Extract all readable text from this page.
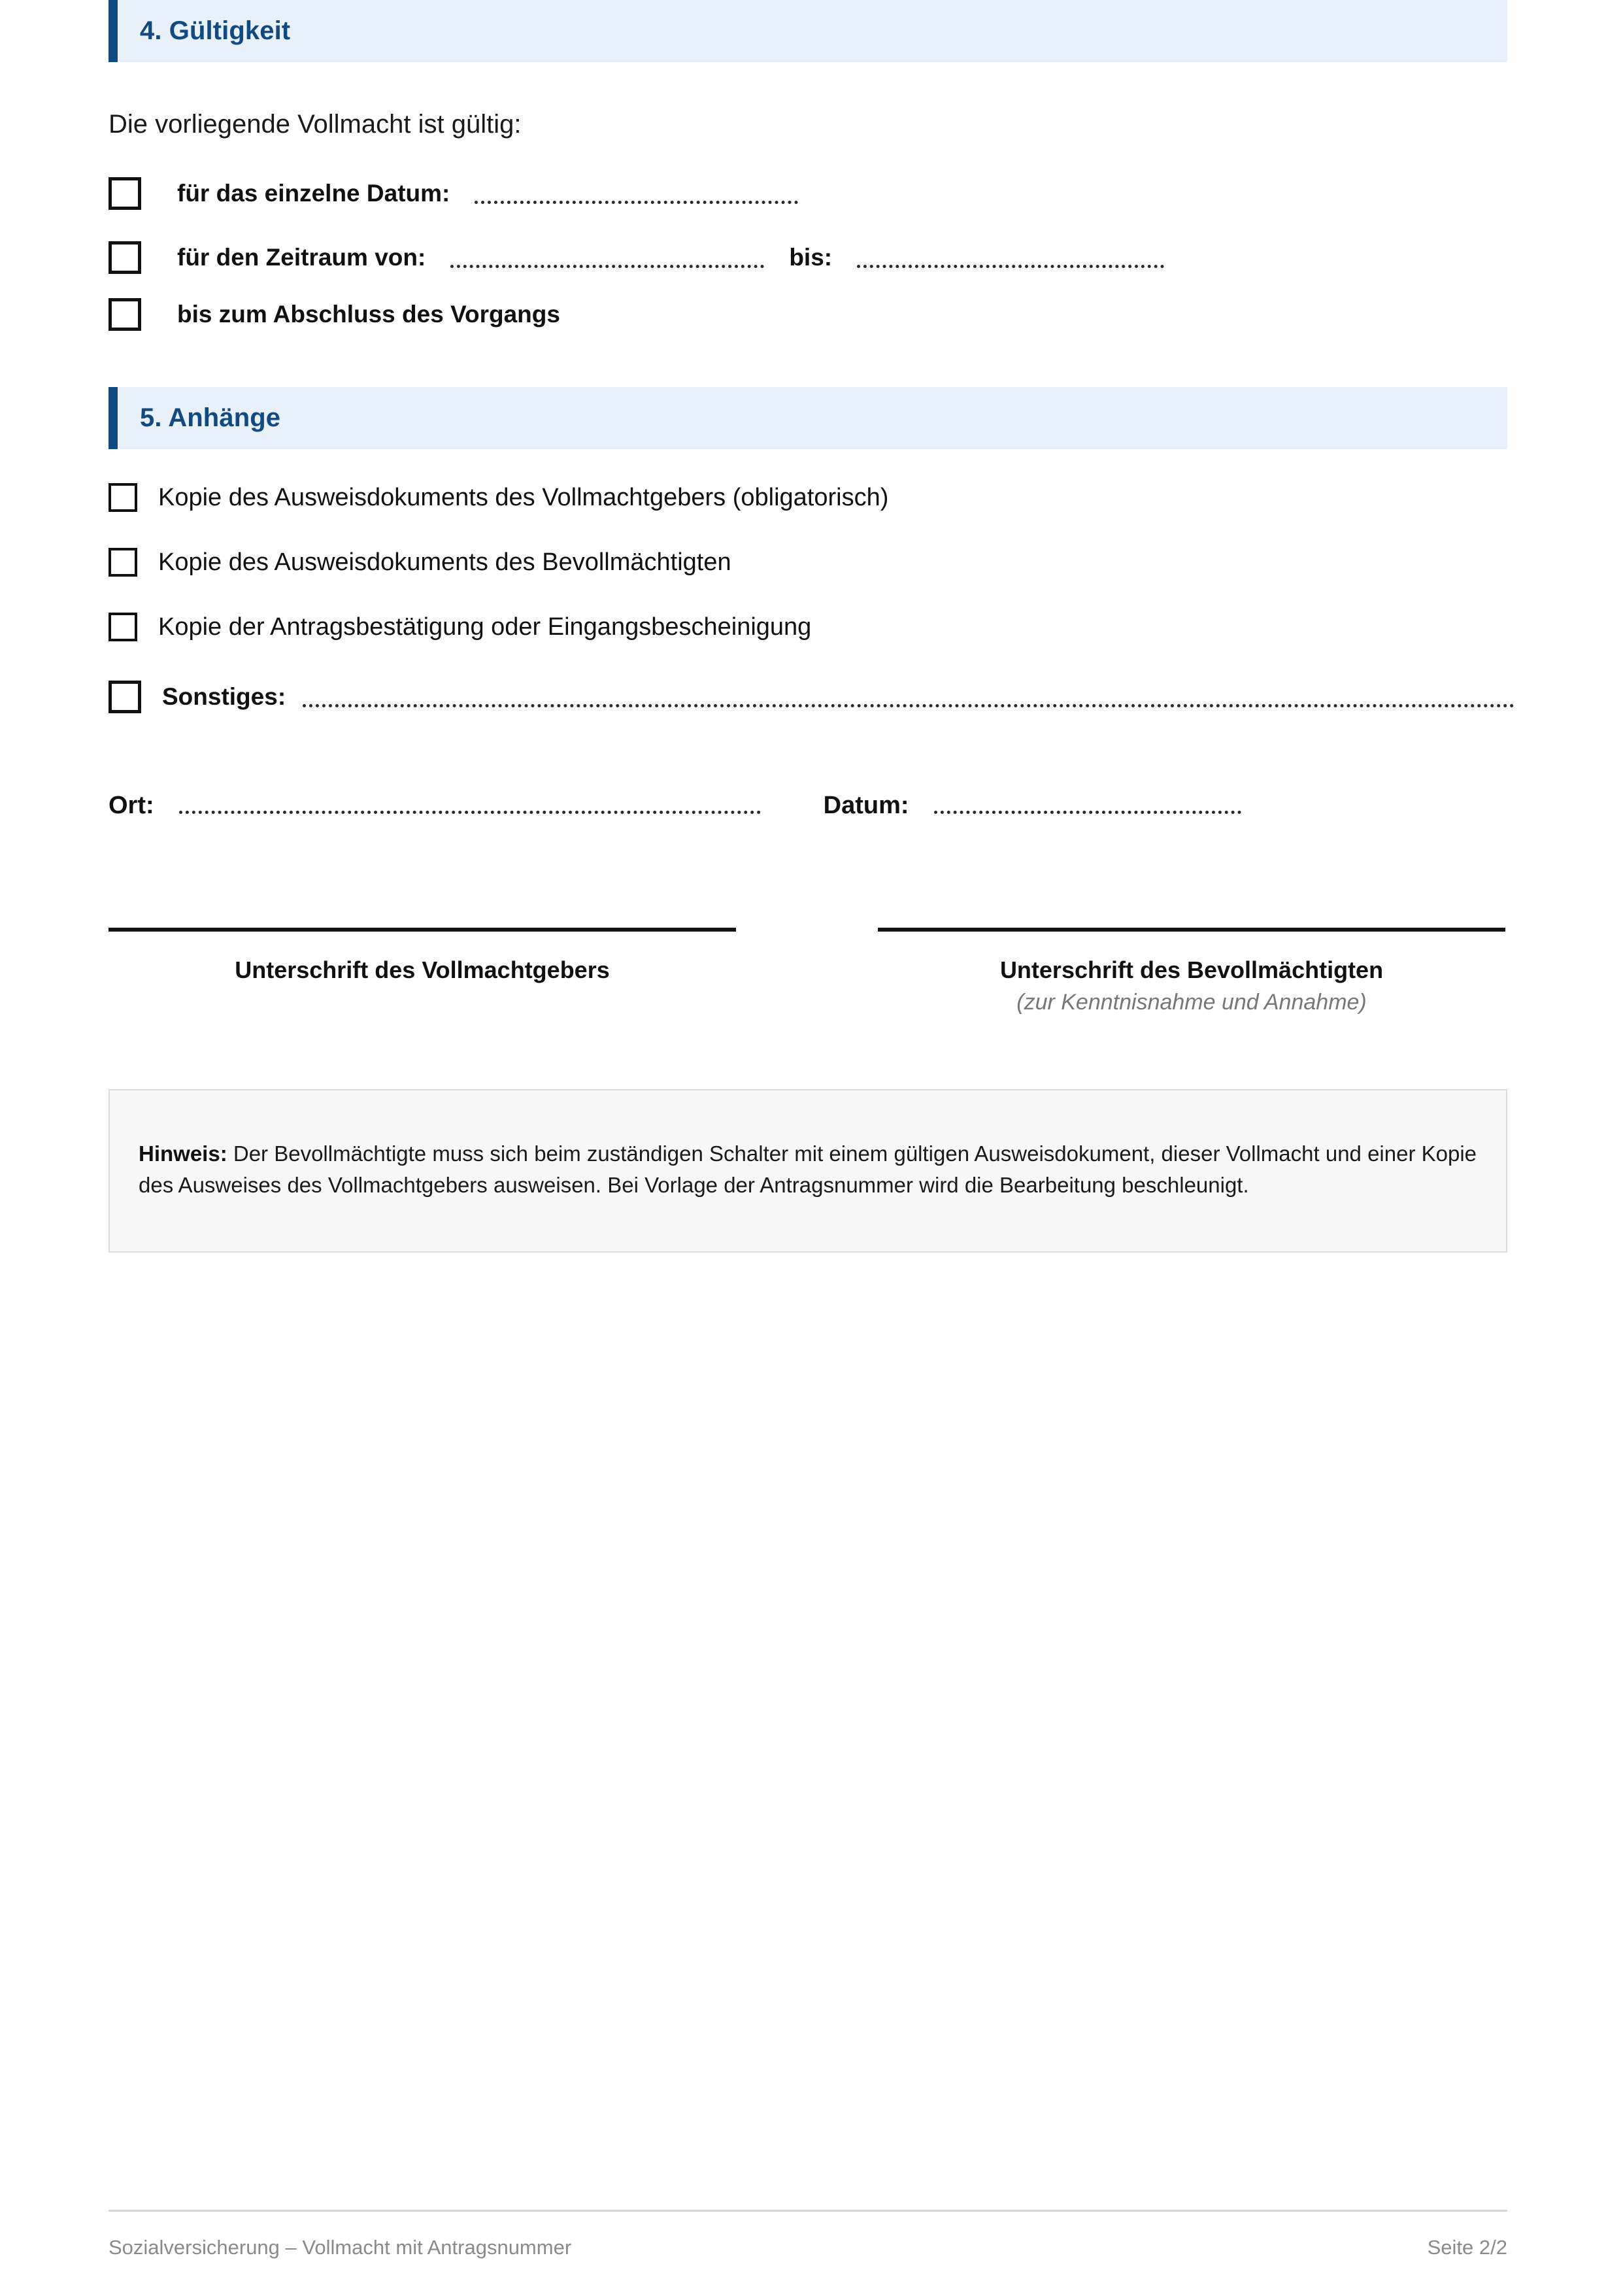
4. Gültigkeit

Die vorliegende Vollmacht ist gültig:

für das einzelne Datum:
für den Zeitraum von:	bis:
bis zum Abschluss des Vorgangs
5. Anhänge
Kopie des Ausweisdokuments des Vollmachtgebers (obligatorisch)
Kopie des Ausweisdokuments des Bevollmächtigten
Kopie der Antragsbestätigung oder Eingangsbescheinigung
Sonstiges:
Ort:	Datum:
Unterschrift des Vollmachtgebers	Unterschrift des Bevollmächtigten
(zur Kenntnisnahme und Annahme)

Hinweis: Der Bevollmächtigte muss sich beim zuständigen Schalter mit einem gültigen Ausweisdokument, dieser Vollmacht und einer Kopie des Ausweises des Vollmachtgebers ausweisen. Bei Vorlage der Antragsnummer wird die Bearbeitung beschleunigt.

Sozialversicherung – Vollmacht mit Antragsnummer	Seite 2/2
